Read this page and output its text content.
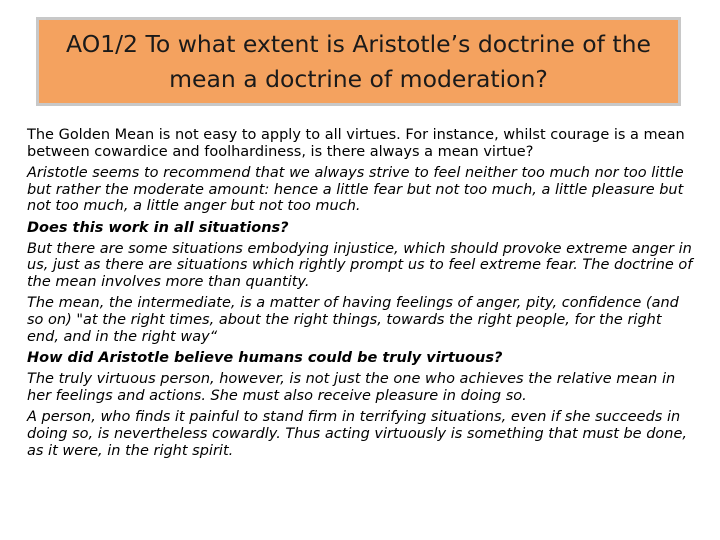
AO1/2 To what extent is Aristotle’s doctrine of the mean a doctrine of moderation?

The Golden Mean is not easy to apply to all virtues. For instance, whilst courage is a mean between cowardice and foolhardiness, is there always a mean virtue?

Aristotle seems to recommend that we always strive to feel neither too much nor too little but rather the moderate amount: hence a little fear but not too much, a little pleasure but not too much, a little anger but not too much.

Does this work in all situations?

But there are some situations embodying injustice, which should provoke extreme anger in us, just as there are situations which rightly prompt us to feel extreme fear. The doctrine of the mean involves more than quantity.

The mean, the intermediate, is a matter of having feelings of anger, pity, confidence (and so on) "at the right times, about the right things, towards the right people, for the right end, and in the right way“

How did Aristotle believe humans could be truly virtuous?

The truly virtuous person, however, is not just the one who achieves the relative mean in her feelings and actions. She must also receive pleasure in doing so.

A person, who finds it painful to stand firm in terrifying situations, even if she succeeds in doing so, is nevertheless cowardly. Thus acting virtuously is something that must be done, as it were, in the right spirit.
